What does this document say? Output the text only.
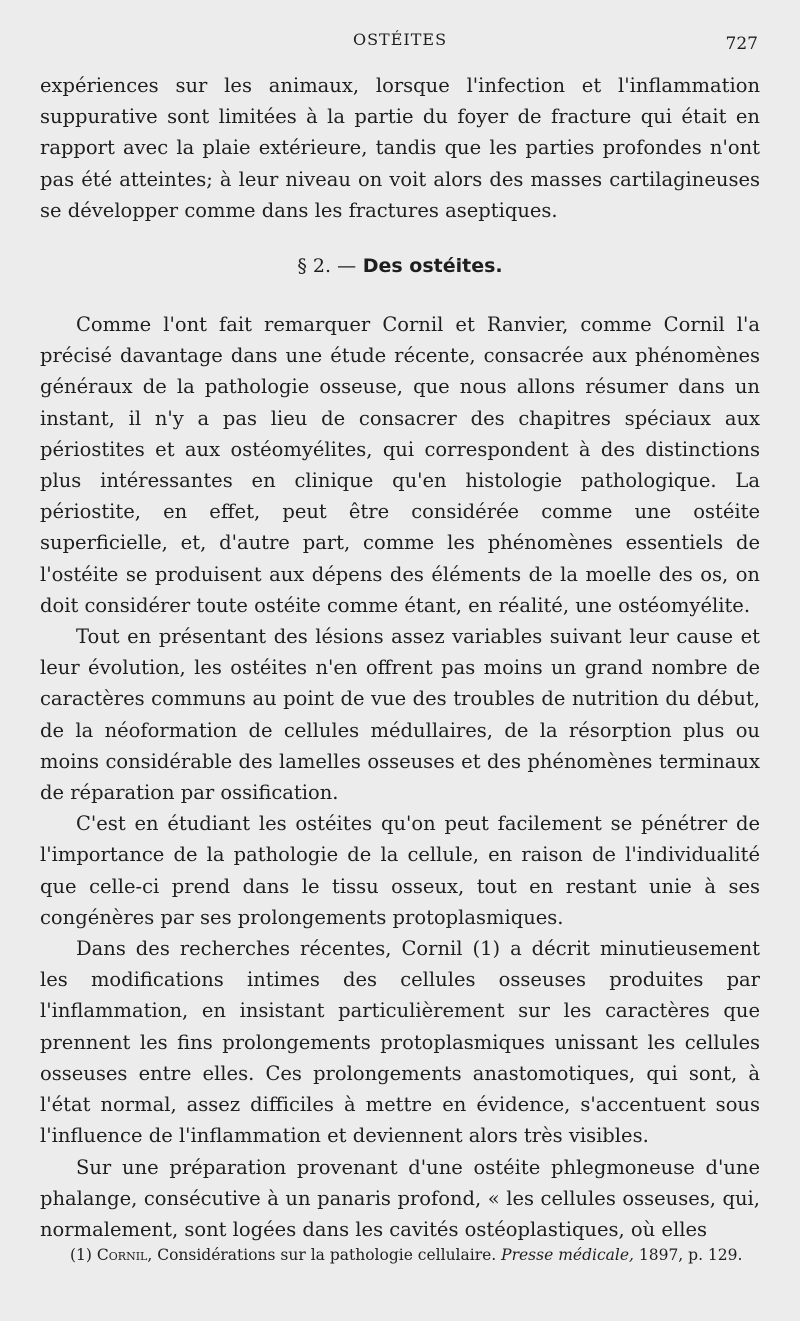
OSTÉITES	727

expériences sur les animaux, lorsque l'infection et l'inflammation suppurative sont limitées à la partie du foyer de fracture qui était en rapport avec la plaie extérieure, tandis que les parties profondes n'ont pas été atteintes; à leur niveau on voit alors des masses cartilagineuses se développer comme dans les fractures aseptiques.

§ 2. — Des ostéites.

Comme l'ont fait remarquer Cornil et Ranvier, comme Cornil l'a précisé davantage dans une étude récente, consacrée aux phénomènes généraux de la pathologie osseuse, que nous allons résumer dans un instant, il n'y a pas lieu de consacrer des chapitres spéciaux aux périostites et aux ostéomyélites, qui correspondent à des distinctions plus intéressantes en clinique qu'en histologie pathologique. La périostite, en effet, peut être considérée comme une ostéite superficielle, et, d'autre part, comme les phénomènes essentiels de l'ostéite se produisent aux dépens des éléments de la moelle des os, on doit considérer toute ostéite comme étant, en réalité, une ostéomyélite.

Tout en présentant des lésions assez variables suivant leur cause et leur évolution, les ostéites n'en offrent pas moins un grand nombre de caractères communs au point de vue des troubles de nutrition du début, de la néoformation de cellules médullaires, de la résorption plus ou moins considérable des lamelles osseuses et des phénomènes terminaux de réparation par ossification.

C'est en étudiant les ostéites qu'on peut facilement se pénétrer de l'importance de la pathologie de la cellule, en raison de l'individualité que celle-ci prend dans le tissu osseux, tout en restant unie à ses congénères par ses prolongements protoplasmiques.

Dans des recherches récentes, Cornil (1) a décrit minutieusement les modifications intimes des cellules osseuses produites par l'inflammation, en insistant particulièrement sur les caractères que prennent les fins prolongements protoplasmiques unissant les cellules osseuses entre elles. Ces prolongements anastomotiques, qui sont, à l'état normal, assez difficiles à mettre en évidence, s'accentuent sous l'influence de l'inflammation et deviennent alors très visibles.

Sur une préparation provenant d'une ostéite phlegmoneuse d'une phalange, consécutive à un panaris profond, « les cellules osseuses, qui, normalement, sont logées dans les cavités ostéoplastiques, où elles

(1) Cornil, Considérations sur la pathologie cellulaire. Presse médicale, 1897, p. 129.
